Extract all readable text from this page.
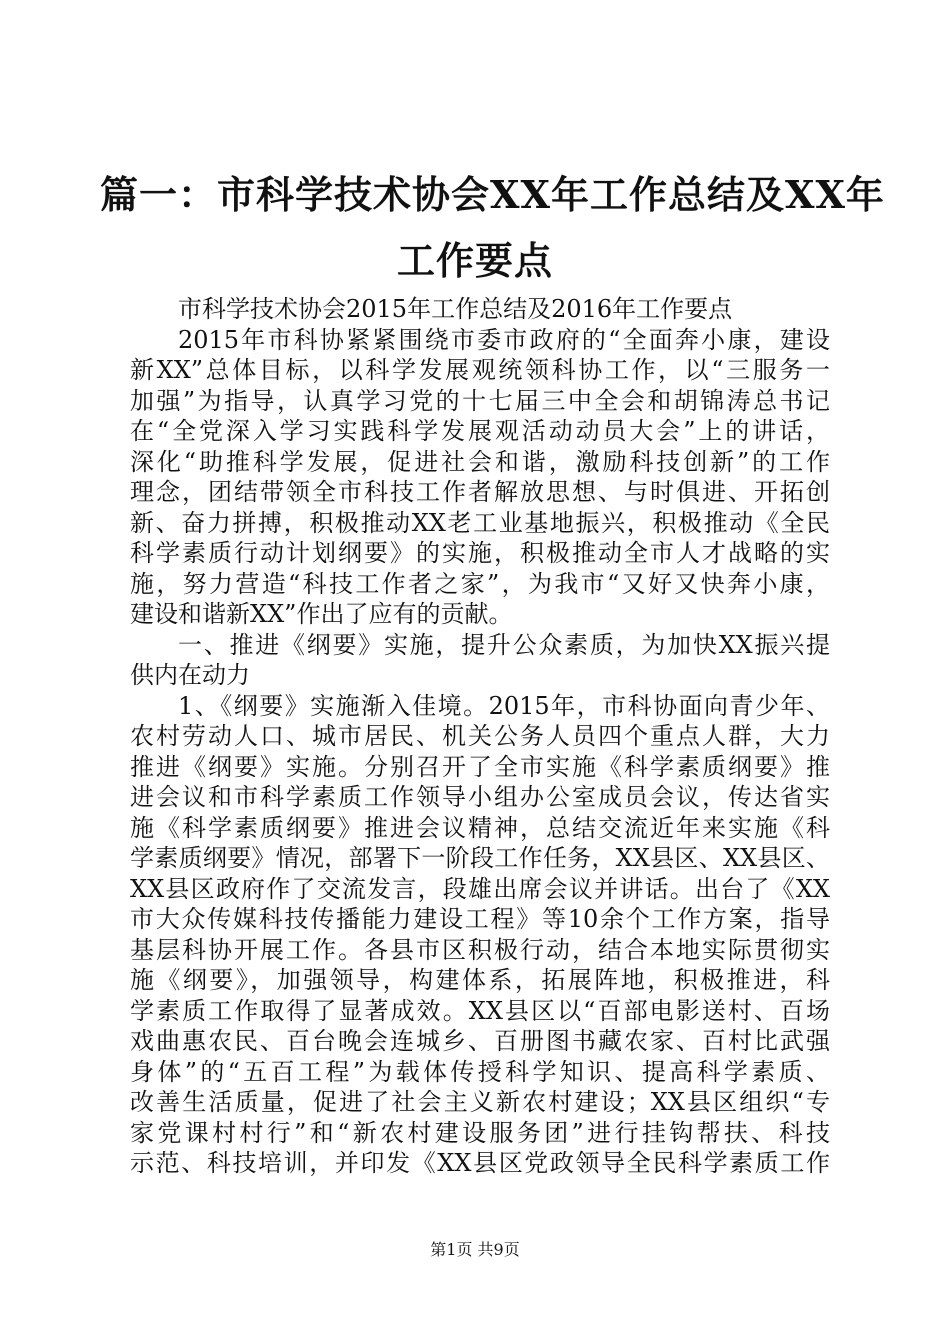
篇一：市科学技术协会XX年工作总结及XX年
工作要点
市科学技术协会2015年工作总结及2016年工作要点
2015年市科协紧紧围绕市委市政府的“全面奔小康，建设
新XX”总体目标，以科学发展观统领科协工作，以“三服务一
加强”为指导，认真学习党的十七届三中全会和胡锦涛总书记
在“全党深入学习实践科学发展观活动动员大会”上的讲话，
深化“助推科学发展，促进社会和谐，激励科技创新”的工作
理念，团结带领全市科技工作者解放思想、与时俱进、开拓创
新、奋力拼搏，积极推动XX老工业基地振兴，积极推动《全民
科学素质行动计划纲要》的实施，积极推动全市人才战略的实
施，努力营造“科技工作者之家”，为我市“又好又快奔小康，
建设和谐新XX”作出了应有的贡献。
一、推进《纲要》实施，提升公众素质，为加快XX振兴提
供内在动力
1、《纲要》实施渐入佳境。2015年，市科协面向青少年、
农村劳动人口、城市居民、机关公务人员四个重点人群，大力
推进《纲要》实施。分别召开了全市实施《科学素质纲要》推
进会议和市科学素质工作领导小组办公室成员会议，传达省实
施《科学素质纲要》推进会议精神，总结交流近年来实施《科
学素质纲要》情况，部署下一阶段工作任务，XX县区、XX县区、
XX县区政府作了交流发言，段雄出席会议并讲话。出台了《XX
市大众传媒科技传播能力建设工程》等10余个工作方案，指导
基层科协开展工作。各县市区积极行动，结合本地实际贯彻实
施《纲要》，加强领导，构建体系，拓展阵地，积极推进，科
学素质工作取得了显著成效。XX县区以“百部电影送村、百场
戏曲惠农民、百台晚会连城乡、百册图书藏农家、百村比武强
身体”的“五百工程”为载体传授科学知识、提高科学素质、
改善生活质量，促进了社会主义新农村建设；XX县区组织“专
家党课村村行”和“新农村建设服务团”进行挂钩帮扶、科技
示范、科技培训，并印发《XX县区党政领导全民科学素质工作
第1页 共9页
